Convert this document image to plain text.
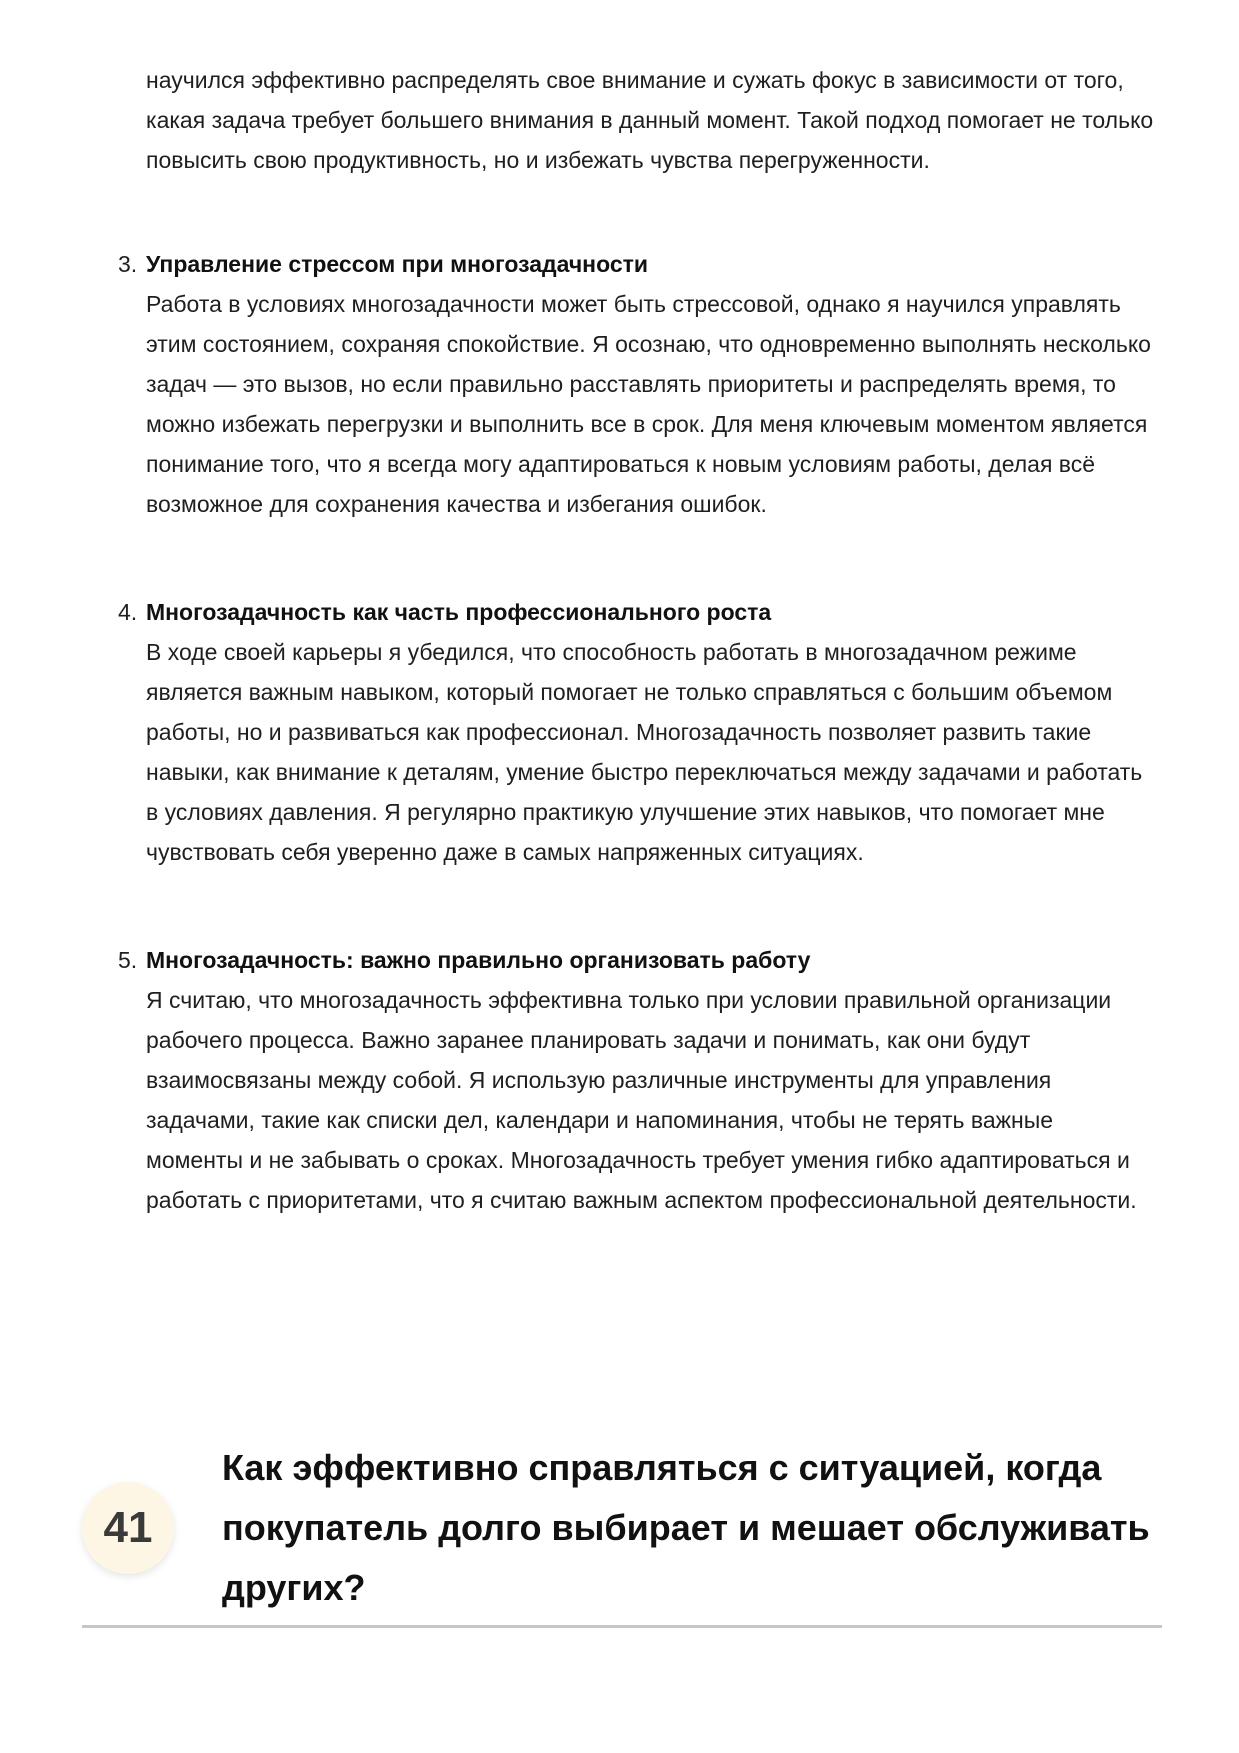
научился эффективно распределять свое внимание и сужать фокус в зависимости от того, какая задача требует большего внимания в данный момент. Такой подход помогает не только повысить свою продуктивность, но и избежать чувства перегруженности.

3. Управление стрессом при многозадачности

Работа в условиях многозадачности может быть стрессовой, однако я научился управлять этим состоянием, сохраняя спокойствие. Я осознаю, что одновременно выполнять несколько задач — это вызов, но если правильно расставлять приоритеты и распределять время, то можно избежать перегрузки и выполнить все в срок. Для меня ключевым моментом является понимание того, что я всегда могу адаптироваться к новым условиям работы, делая всё возможное для сохранения качества и избегания ошибок.

4. Многозадачность как часть профессионального роста

В ходе своей карьеры я убедился, что способность работать в многозадачном режиме является важным навыком, который помогает не только справляться с большим объемом работы, но и развиваться как профессионал. Многозадачность позволяет развить такие навыки, как внимание к деталям, умение быстро переключаться между задачами и работать в условиях давления. Я регулярно практикую улучшение этих навыков, что помогает мне чувствовать себя уверенно даже в самых напряженных ситуациях.

5. Многозадачность: важно правильно организовать работу

Я считаю, что многозадачность эффективна только при условии правильной организации рабочего процесса. Важно заранее планировать задачи и понимать, как они будут взаимосвязаны между собой. Я использую различные инструменты для управления задачами, такие как списки дел, календари и напоминания, чтобы не терять важные моменты и не забывать о сроках. Многозадачность требует умения гибко адаптироваться и работать с приоритетами, что я считаю важным аспектом профессиональной деятельности.

41
Как эффективно справляться с ситуацией, когда покупатель долго выбирает и мешает обслуживать других?
